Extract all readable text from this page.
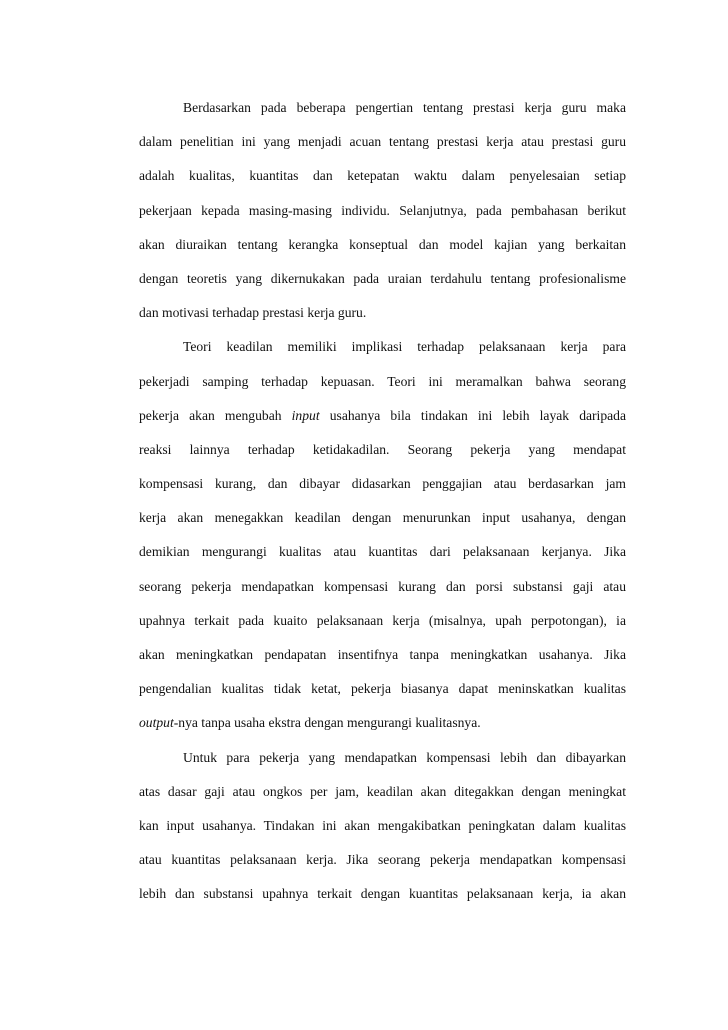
Berdasarkan pada beberapa pengertian tentang prestasi kerja guru maka
dalam penelitian ini yang menjadi acuan tentang prestasi kerja atau prestasi guru
adalah kualitas, kuantitas dan ketepatan waktu dalam penyelesaian setiap
pekerjaan kepada masing-masing individu. Selanjutnya, pada pembahasan berikut
akan diuraikan tentang kerangka konseptual dan model kajian yang berkaitan
dengan teoretis yang dikernukakan pada uraian terdahulu tentang profesionalisme
dan motivasi terhadap prestasi kerja guru.
Teori keadilan memiliki implikasi terhadap pelaksanaan kerja para
pekerjadi samping terhadap kepuasan. Teori ini meramalkan bahwa seorang
pekerja akan mengubah input usahanya bila tindakan ini lebih layak daripada
reaksi lainnya terhadap ketidakadilan. Seorang pekerja yang mendapat
kompensasi kurang, dan dibayar didasarkan penggajian atau berdasarkan jam
kerja akan menegakkan keadilan dengan menurunkan input usahanya, dengan
demikian mengurangi kualitas atau kuantitas dari pelaksanaan kerjanya. Jika
seorang pekerja mendapatkan kompensasi kurang dan porsi substansi gaji atau
upahnya terkait pada kuaito pelaksanaan kerja (misalnya, upah perpotongan), ia
akan meningkatkan pendapatan insentifnya tanpa meningkatkan usahanya. Jika
pengendalian kualitas tidak ketat, pekerja biasanya dapat meninskatkan kualitas
output-nya tanpa usaha ekstra dengan mengurangi kualitasnya.
Untuk para pekerja yang mendapatkan kompensasi lebih dan dibayarkan
atas dasar gaji atau ongkos per jam, keadilan akan ditegakkan dengan meningkat
kan input usahanya. Tindakan ini akan mengakibatkan peningkatan dalam kualitas
atau kuantitas pelaksanaan kerja. Jika seorang pekerja mendapatkan kompensasi
lebih dan substansi upahnya terkait dengan kuantitas pelaksanaan kerja, ia akan
